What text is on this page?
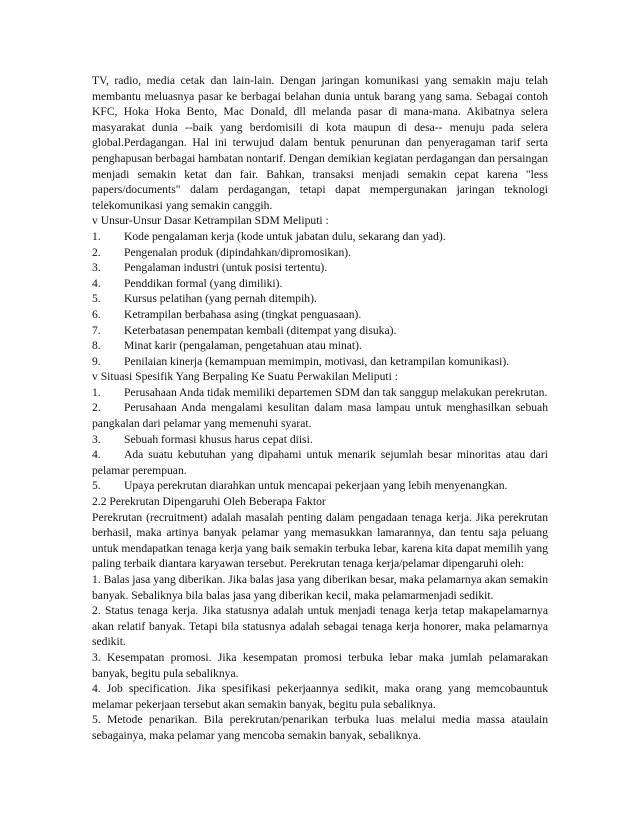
TV, radio, media cetak dan lain-lain. Dengan jaringan komunikasi yang semakin maju telah membantu meluasnya pasar ke berbagai belahan dunia untuk barang yang sama. Sebagai contoh KFC, Hoka Hoka Bento, Mac Donald, dll melanda pasar di mana-mana. Akibatnya selera masyarakat dunia --baik yang berdomisili di kota maupun di desa-- menuju pada selera global.Perdagangan. Hal ini terwujud dalam bentuk penurunan dan penyeragaman tarif serta penghapusan berbagai hambatan nontarif. Dengan demikian kegiatan perdagangan dan persaingan menjadi semakin ketat dan fair. Bahkan, transaksi menjadi semakin cepat karena "less papers/documents" dalam perdagangan, tetapi dapat mempergunakan jaringan teknologi telekomunikasi yang semakin canggih.

v Unsur-Unsur Dasar Ketrampilan SDM Meliputi :

1.	Kode pengalaman kerja (kode untuk jabatan dulu, sekarang dan yad).
2.	Pengenalan produk (dipindahkan/dipromosikan).
3.	Pengalaman industri (untuk posisi tertentu).
4.	Penddikan formal (yang dimiliki).
5.	Kursus pelatihan (yang pernah ditempih).
6.	Ketrampilan berbahasa asing (tingkat penguasaan).
7.	Keterbatasan penempatan kembali (ditempat yang disuka).
8.	Minat karir (pengalaman, pengetahuan atau minat).
9.	Penilaian kinerja (kemampuan memimpin, motivasi, dan ketrampilan komunikasi).

v Situasi Spesifik Yang Berpaling Ke Suatu Perwakilan Meliputi :

1. Perusahaan Anda tidak memiliki departemen SDM dan tak sanggup melakukan perekrutan.

2. Perusahaan Anda mengalami kesulitan dalam masa lampau untuk menghasilkan sebuah pangkalan dari pelamar yang memenuhi syarat.

3. Sebuah formasi khusus harus cepat diisi.

4. Ada suatu kebutuhan yang dipahami untuk menarik sejumlah besar minoritas atau dari pelamar perempuan.

5. Upaya perekrutan diarahkan untuk mencapai pekerjaan yang lebih menyenangkan.

2.2 Perekrutan Dipengaruhi Oleh Beberapa Faktor

Perekrutan (recruitment) adalah masalah penting dalam pengadaan tenaga kerja. Jika perekrutan berhasil, maka artinya banyak pelamar yang memasukkan lamarannya, dan tentu saja peluang untuk mendapatkan tenaga kerja yang baik semakin terbuka lebar, karena kita dapat memilih yang paling terbaik diantara karyawan tersebut. Perekrutan tenaga kerja/pelamar dipengaruhi oleh:

1. Balas jasa yang diberikan. Jika balas jasa yang diberikan besar, maka pelamarnya akan semakin banyak. Sebaliknya bila balas jasa yang diberikan kecil, maka pelamarmenjadi sedikit.

2. Status tenaga kerja. Jika statusnya adalah untuk menjadi tenaga kerja tetap makapelamarnya akan relatif banyak. Tetapi bila statusnya adalah sebagai tenaga kerja honorer, maka pelamarnya sedikit.

3. Kesempatan promosi. Jika kesempatan promosi terbuka lebar maka jumlah pelamarakan banyak, begitu pula sebaliknya.

4. Job specification. Jika spesifikasi pekerjaannya sedikit, maka orang yang memcobauntuk melamar pekerjaan tersebut akan semakin banyak, begitu pula sebaliknya.

5. Metode penarikan. Bila perekrutan/penarikan terbuka luas melalui media massa ataulain sebagainya, maka pelamar yang mencoba semakin banyak, sebaliknya.
